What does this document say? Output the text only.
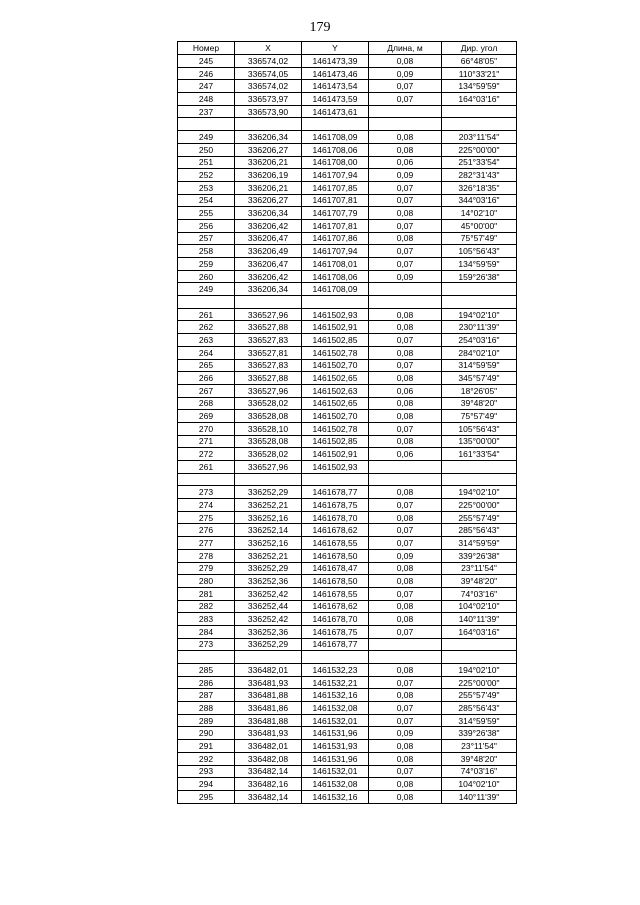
179
Номер	X	Y	Длина, м	Дир. угол
245	336574,02	1461473,39	0,08	66°48'05"
246	336574,05	1461473,46	0,09	110°33'21"
247	336574,02	1461473,54	0,07	134°59'59"
248	336573,97	1461473,59	0,07	164°03'16"
237	336573,90	1461473,61		

249	336206,34	1461708,09	0,08	203°11'54"
250	336206,27	1461708,06	0,08	225°00'00"
251	336206,21	1461708,00	0,06	251°33'54"
252	336206,19	1461707,94	0,09	282°31'43"
253	336206,21	1461707,85	0,07	326°18'35"
254	336206,27	1461707,81	0,07	344°03'16"
255	336206,34	1461707,79	0,08	14°02'10"
256	336206,42	1461707,81	0,07	45°00'00"
257	336206,47	1461707,86	0,08	75°57'49"
258	336206,49	1461707,94	0,07	105°56'43"
259	336206,47	1461708,01	0,07	134°59'59"
260	336206,42	1461708,06	0,09	159°26'38"
249	336206,34	1461708,09		

261	336527,96	1461502,93	0,08	194°02'10"
262	336527,88	1461502,91	0,08	230°11'39"
263	336527,83	1461502,85	0,07	254°03'16"
264	336527,81	1461502,78	0,08	284°02'10"
265	336527,83	1461502,70	0,07	314°59'59"
266	336527,88	1461502,65	0,08	345°57'49"
267	336527,96	1461502,63	0,06	18°26'05"
268	336528,02	1461502,65	0,08	39°48'20"
269	336528,08	1461502,70	0,08	75°57'49"
270	336528,10	1461502,78	0,07	105°56'43"
271	336528,08	1461502,85	0,08	135°00'00"
272	336528,02	1461502,91	0,06	161°33'54"
261	336527,96	1461502,93		

273	336252,29	1461678,77	0,08	194°02'10"
274	336252,21	1461678,75	0,07	225°00'00"
275	336252,16	1461678,70	0,08	255°57'49"
276	336252,14	1461678,62	0,07	285°56'43"
277	336252,16	1461678,55	0,07	314°59'59"
278	336252,21	1461678,50	0,09	339°26'38"
279	336252,29	1461678,47	0,08	23°11'54"
280	336252,36	1461678,50	0,08	39°48'20"
281	336252,42	1461678,55	0,07	74°03'16"
282	336252,44	1461678,62	0,08	104°02'10"
283	336252,42	1461678,70	0,08	140°11'39"
284	336252,36	1461678,75	0,07	164°03'16"
273	336252,29	1461678,77		

285	336482,01	1461532,23	0,08	194°02'10"
286	336481,93	1461532,21	0,07	225°00'00"
287	336481,88	1461532,16	0,08	255°57'49"
288	336481,86	1461532,08	0,07	285°56'43"
289	336481,88	1461532,01	0,07	314°59'59"
290	336481,93	1461531,96	0,09	339°26'38"
291	336482,01	1461531,93	0,08	23°11'54"
292	336482,08	1461531,96	0,08	39°48'20"
293	336482,14	1461532,01	0,07	74°03'16"
294	336482,16	1461532,08	0,08	104°02'10"
295	336482,14	1461532,16	0,08	140°11'39"
